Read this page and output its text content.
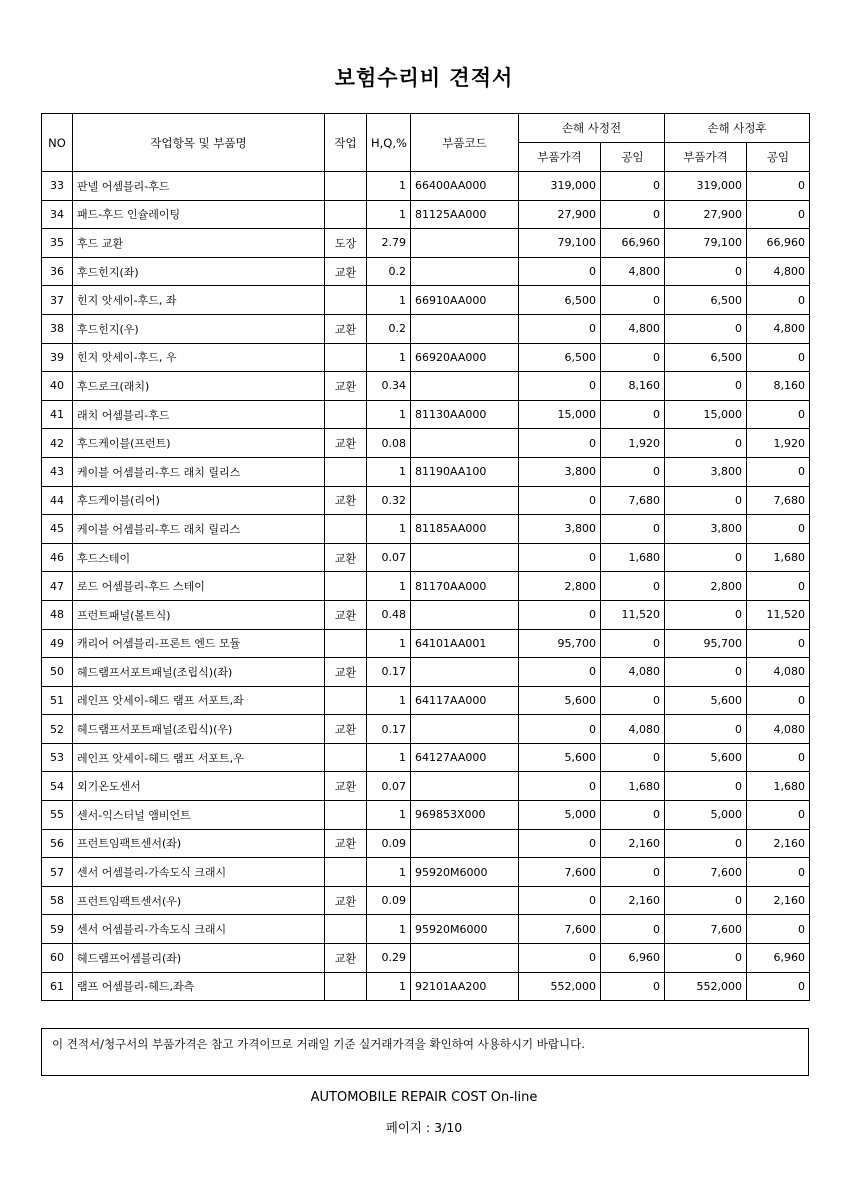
보험수리비 견적서
NO	작업항목 및 부품명	작업	H,Q,%	부품코드	손해 사정전		손해 사정후	
					부품가격	공임	부품가격	공임
33	판넬 어셈블리-후드		1	66400AA000	319,000	0	319,000	0
34	패드-후드 인슐레이팅		1	81125AA000	27,900	0	27,900	0
35	후드 교환	도장	2.79		79,100	66,960	79,100	66,960
36	후드힌지(좌)	교환	0.2		0	4,800	0	4,800
37	힌지 앗세이-후드, 좌		1	66910AA000	6,500	0	6,500	0
38	후드힌지(우)	교환	0.2		0	4,800	0	4,800
39	힌지 앗세이-후드, 우		1	66920AA000	6,500	0	6,500	0
40	후드로크(래치)	교환	0.34		0	8,160	0	8,160
41	래치 어셈블리-후드		1	81130AA000	15,000	0	15,000	0
42	후드케이블(프런트)	교환	0.08		0	1,920	0	1,920
43	케이블 어셈블리-후드 래치 릴리스		1	81190AA100	3,800	0	3,800	0
44	후드케이블(리어)	교환	0.32		0	7,680	0	7,680
45	케이블 어셈블리-후드 래치 릴리스		1	81185AA000	3,800	0	3,800	0
46	후드스테이	교환	0.07		0	1,680	0	1,680
47	로드 어셈블리-후드 스테이		1	81170AA000	2,800	0	2,800	0
48	프런트패널(볼트식)	교환	0.48		0	11,520	0	11,520
49	캐리어 어셈블리-프론트 엔드 모듈		1	64101AA001	95,700	0	95,700	0
50	헤드램프서포트패널(조립식)(좌)	교환	0.17		0	4,080	0	4,080
51	레인프 앗세이-헤드 램프 서포트,좌		1	64117AA000	5,600	0	5,600	0
52	헤드램프서포트패널(조립식)(우)	교환	0.17		0	4,080	0	4,080
53	레인프 앗세이-헤드 램프 서포트,우		1	64127AA000	5,600	0	5,600	0
54	외기온도센서	교환	0.07		0	1,680	0	1,680
55	센서-익스터널 앰비언트		1	969853X000	5,000	0	5,000	0
56	프런트임팩트센서(좌)	교환	0.09		0	2,160	0	2,160
57	센서 어셈블리-가속도식 크래시		1	95920M6000	7,600	0	7,600	0
58	프런트임팩트센서(우)	교환	0.09		0	2,160	0	2,160
59	센서 어셈블리-가속도식 크래시		1	95920M6000	7,600	0	7,600	0
60	헤드램프어셈블리(좌)	교환	0.29		0	6,960	0	6,960
61	램프 어셈블리-헤드,좌측		1	92101AA200	552,000	0	552,000	0
이 견적서/청구서의 부품가격은 참고 가격이므로 거래일 기준 실거래가격을 확인하여 사용하시기 바랍니다.
AUTOMOBILE REPAIR COST On-line
페이지 : 3/10
